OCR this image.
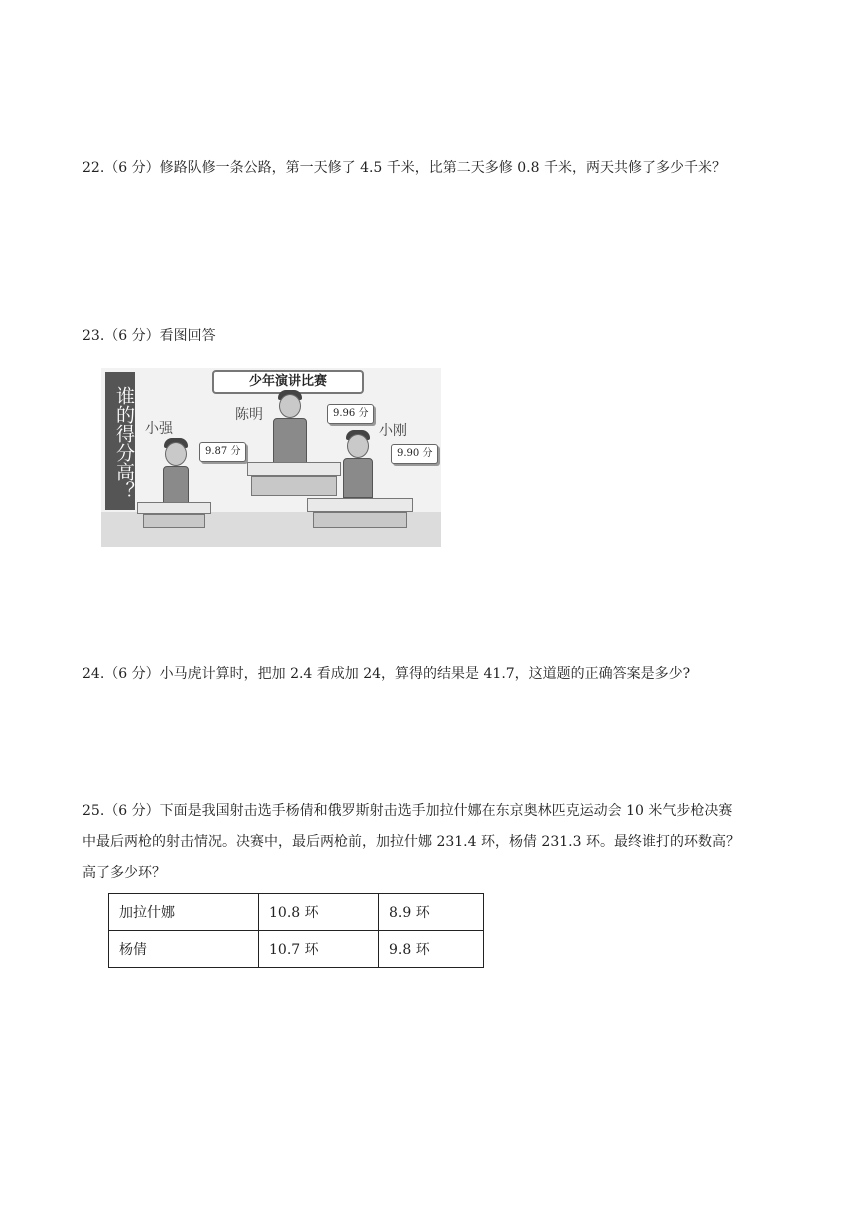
22.（6 分）修路队修一条公路，第一天修了 4.5 千米，比第二天多修 0.8 千米，两天共修了多少千米？
23.（6 分）看图回答
谁的得分高？
少年演讲比赛
小强
9.87 分
陈明	9.96 分
小刚
9.90 分
24.（6 分）小马虎计算时，把加 2.4 看成加 24，算得的结果是 41.7，这道题的正确答案是多少?
25.（6 分）下面是我国射击选手杨倩和俄罗斯射击选手加拉什娜在东京奥林匹克运动会 10 米气步枪决赛
中最后两枪的射击情况。决赛中，最后两枪前，加拉什娜 231.4 环，杨倩 231.3 环。最终谁打的环数高？
高了多少环？
加拉什娜	10.8 环	8.9 环
杨倩	10.7 环	9.8 环
